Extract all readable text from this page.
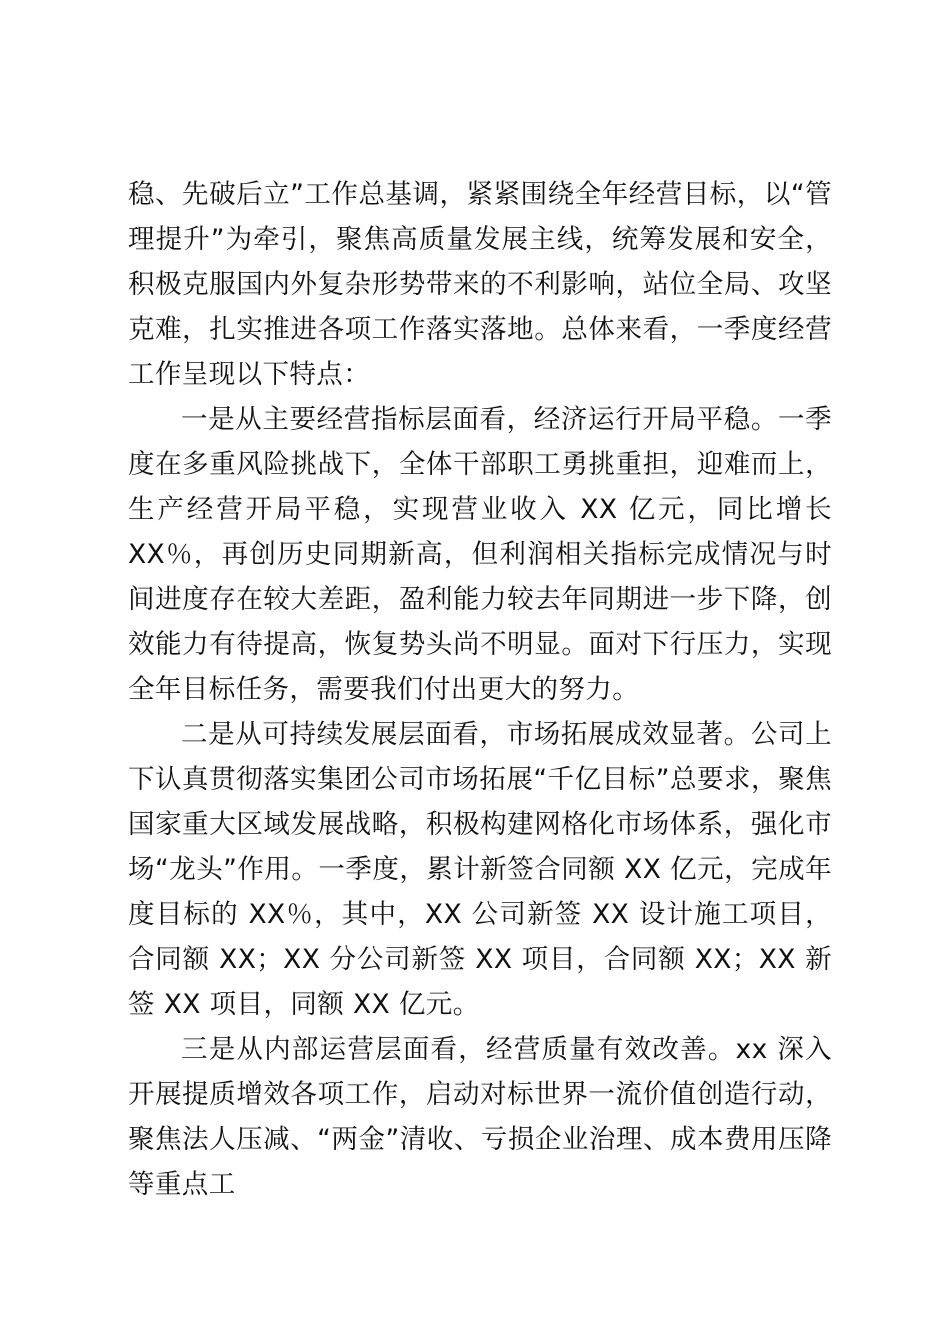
稳、先破后立”工作总基调，紧紧围绕全年经营目标，以“管理提升”为牵引，聚焦高质量发展主线，统筹发展和安全，积极克服国内外复杂形势带来的不利影响，站位全局、攻坚克难，扎实推进各项工作落实落地。总体来看，一季度经营工作呈现以下特点：

一是从主要经营指标层面看，经济运行开局平稳。一季度在多重风险挑战下，全体干部职工勇挑重担，迎难而上，生产经营开局平稳，实现营业收入 XX 亿元，同比增长 XX％，再创历史同期新高，但利润相关指标完成情况与时间进度存在较大差距，盈利能力较去年同期进一步下降，创效能力有待提高，恢复势头尚不明显。面对下行压力，实现全年目标任务，需要我们付出更大的努力。

二是从可持续发展层面看，市场拓展成效显著。公司上下认真贯彻落实集团公司市场拓展“千亿目标”总要求，聚焦国家重大区域发展战略，积极构建网格化市场体系，强化市场“龙头”作用。一季度，累计新签合同额 XX 亿元，完成年度目标的 XX％，其中，XX 公司新签 XX 设计施工项目，合同额 XX；XX 分公司新签 XX 项目，合同额 XX；XX 新签 XX 项目，同额 XX 亿元。

三是从内部运营层面看，经营质量有效改善。xx 深入开展提质增效各项工作，启动对标世界一流价值创造行动，聚焦法人压减、“两金”清收、亏损企业治理、成本费用压降等重点工
